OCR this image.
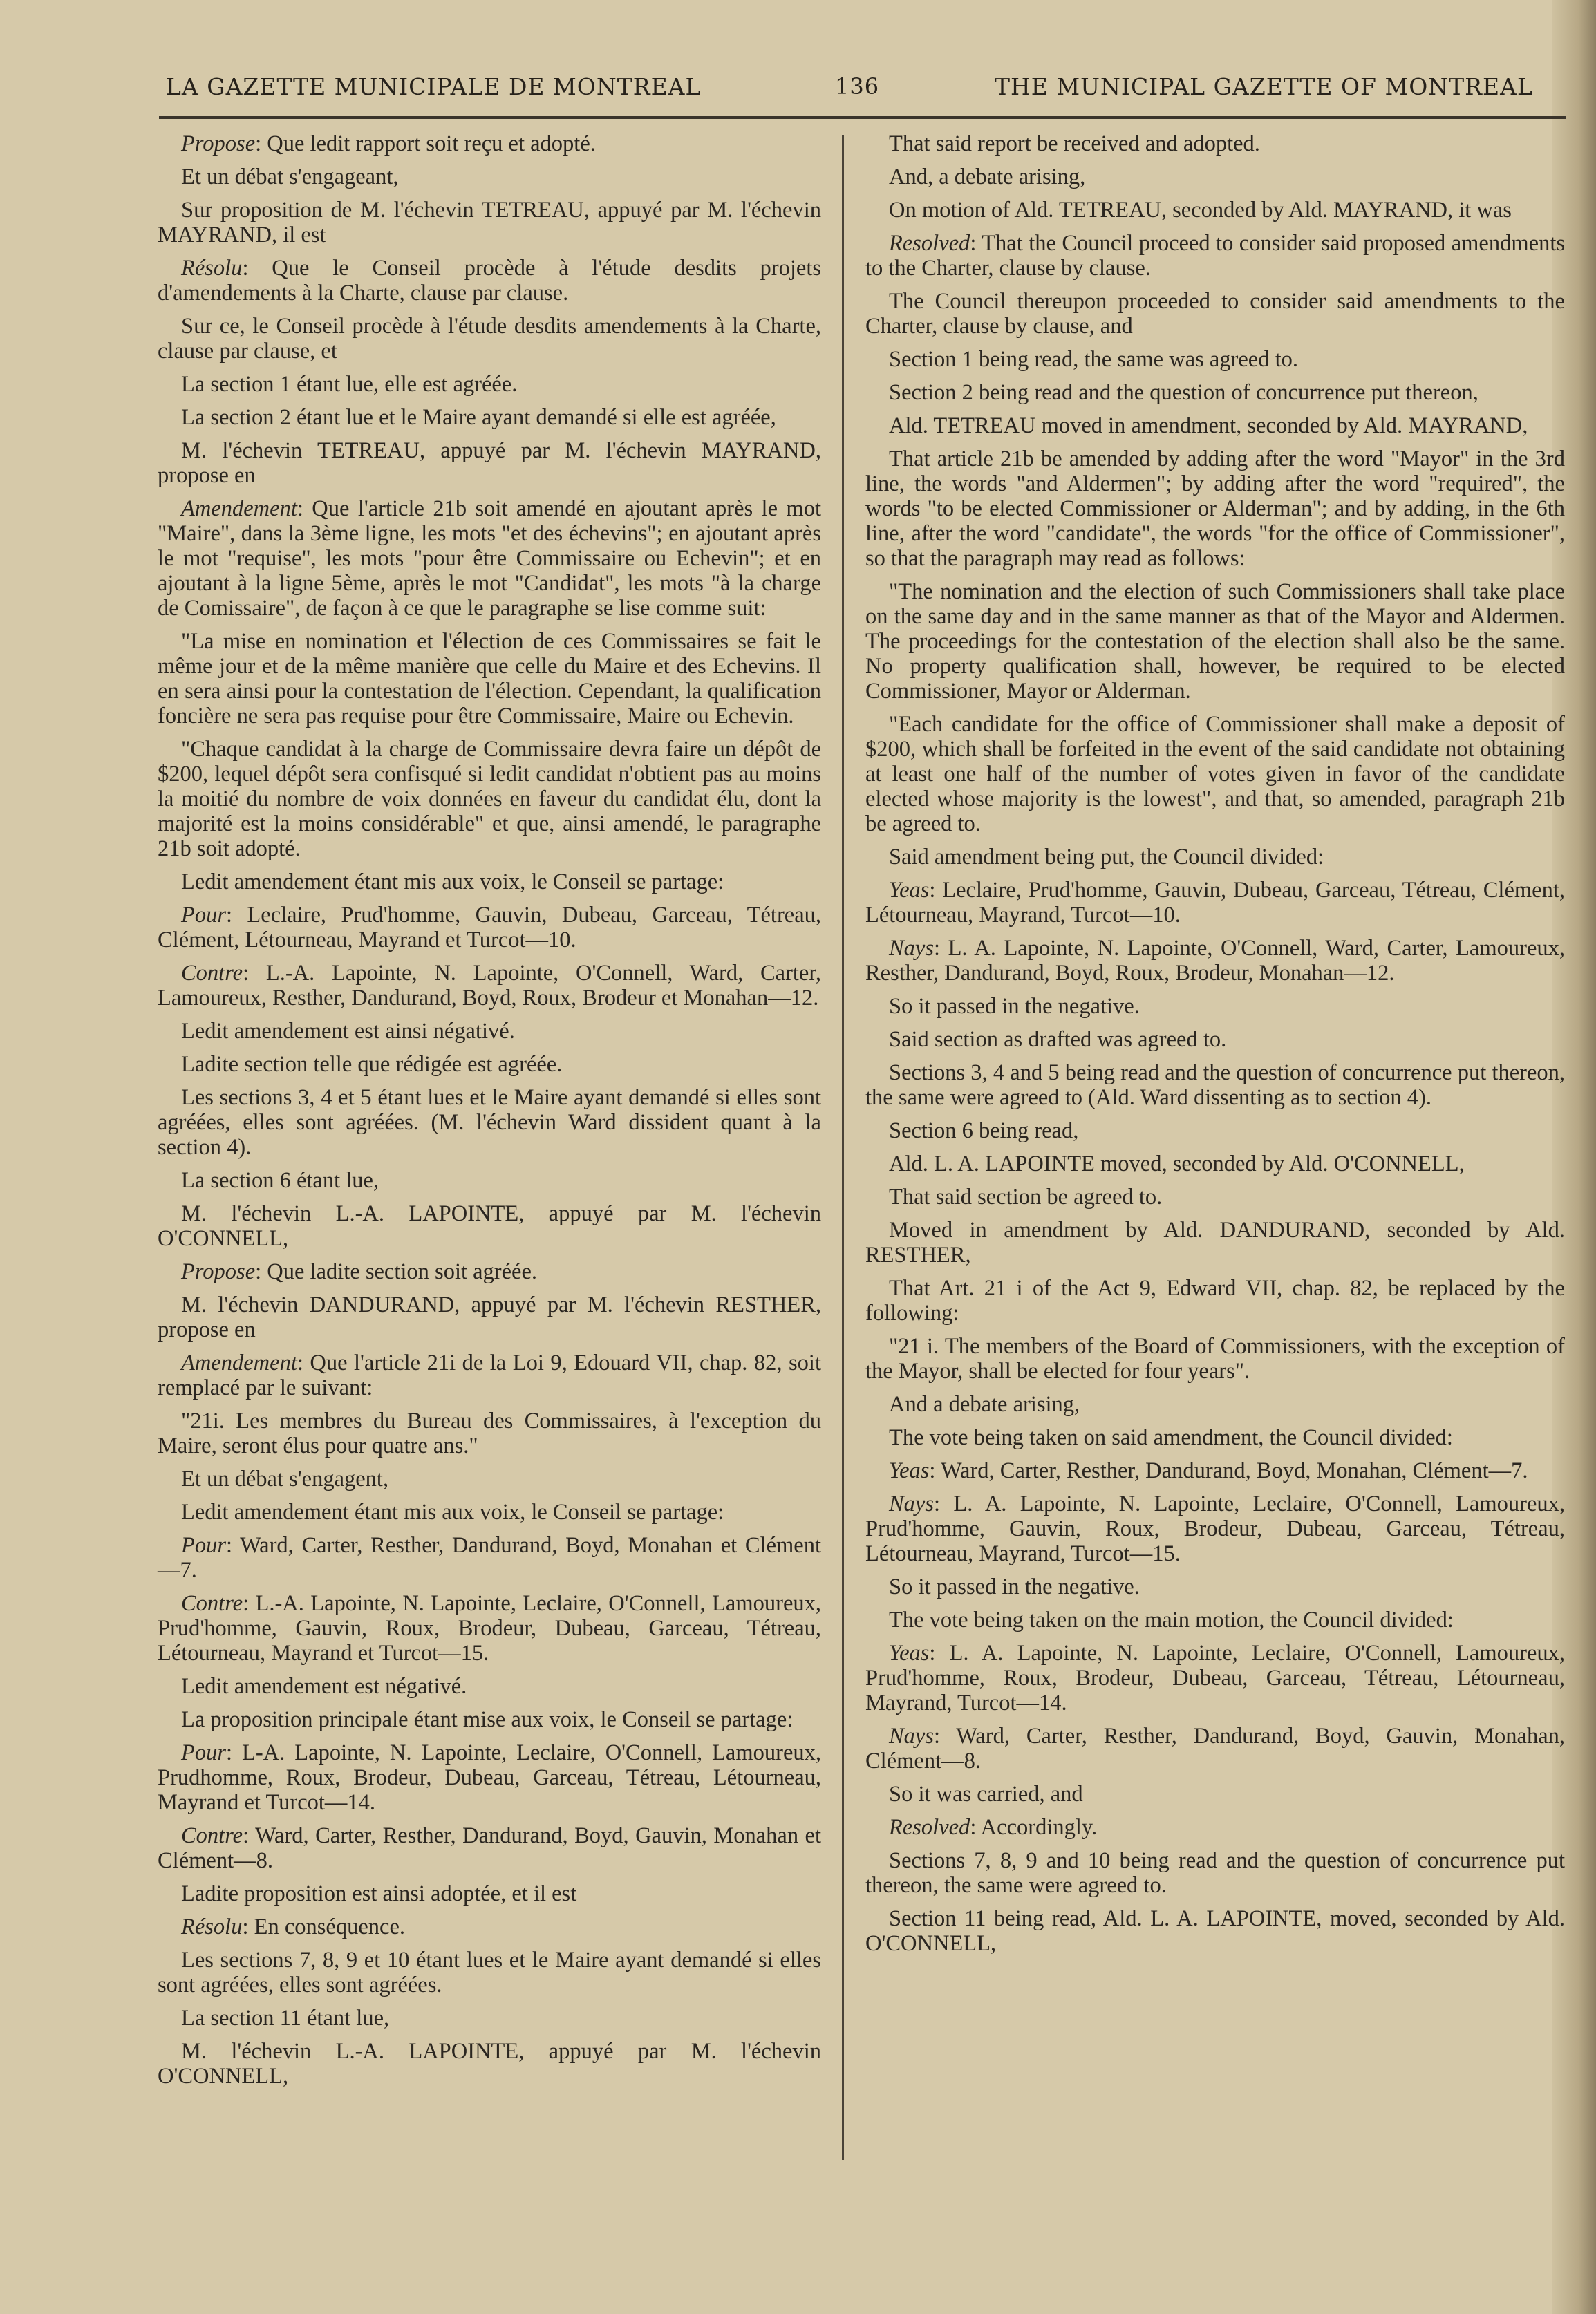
LA GAZETTE MUNICIPALE DE MONTREAL	136	THE MUNICIPAL GAZETTE OF MONTREAL

Propose: Que ledit rapport soit reçu et adopté.

Et un débat s'engageant,

Sur proposition de M. l'échevin TETREAU, appuyé par M. l'échevin MAYRAND, il est

Résolu: Que le Conseil procède à l'étude desdits projets d'amendements à la Charte, clause par clause.

Sur ce, le Conseil procède à l'étude desdits amendements à la Charte, clause par clause, et

La section 1 étant lue, elle est agréée.

La section 2 étant lue et le Maire ayant demandé si elle est agréée,

M. l'échevin TETREAU, appuyé par M. l'échevin MAYRAND, propose en

Amendement: Que l'article 21b soit amendé en ajoutant après le mot "Maire", dans la 3ème ligne, les mots "et des échevins"; en ajoutant après le mot "requise", les mots "pour être Commissaire ou Echevin"; et en ajoutant à la ligne 5ème, après le mot "Candidat", les mots "à la charge de Comissaire", de façon à ce que le paragraphe se lise comme suit:

"La mise en nomination et l'élection de ces Commissaires se fait le même jour et de la même manière que celle du Maire et des Echevins. Il en sera ainsi pour la contestation de l'élection. Cependant, la qualification foncière ne sera pas requise pour être Commissaire, Maire ou Echevin.

"Chaque candidat à la charge de Commissaire devra faire un dépôt de $200, lequel dépôt sera confisqué si ledit candidat n'obtient pas au moins la moitié du nombre de voix données en faveur du candidat élu, dont la majorité est la moins considérable" et que, ainsi amendé, le paragraphe 21b soit adopté.

Ledit amendement étant mis aux voix, le Conseil se partage:

Pour: Leclaire, Prud'homme, Gauvin, Dubeau, Garceau, Tétreau, Clément, Létourneau, Mayrand et Turcot—10.

Contre: L.-A. Lapointe, N. Lapointe, O'Connell, Ward, Carter, Lamoureux, Resther, Dandurand, Boyd, Roux, Brodeur et Monahan—12.

Ledit amendement est ainsi négativé.

Ladite section telle que rédigée est agréée.

Les sections 3, 4 et 5 étant lues et le Maire ayant demandé si elles sont agréées, elles sont agréées. (M. l'échevin Ward dissident quant à la section 4).

La section 6 étant lue,

M. l'échevin L.-A. LAPOINTE, appuyé par M. l'échevin O'CONNELL,

Propose: Que ladite section soit agréée.

M. l'échevin DANDURAND, appuyé par M. l'échevin RESTHER, propose en

Amendement: Que l'article 21i de la Loi 9, Edouard VII, chap. 82, soit remplacé par le suivant:

"21i. Les membres du Bureau des Commissaires, à l'exception du Maire, seront élus pour quatre ans."

Et un débat s'engagent,

Ledit amendement étant mis aux voix, le Conseil se partage:

Pour: Ward, Carter, Resther, Dandurand, Boyd, Monahan et Clément—7.

Contre: L.-A. Lapointe, N. Lapointe, Leclaire, O'Connell, Lamoureux, Prud'homme, Gauvin, Roux, Brodeur, Dubeau, Garceau, Tétreau, Létourneau, Mayrand et Turcot—15.

Ledit amendement est négativé.

La proposition principale étant mise aux voix, le Conseil se partage:

Pour: L-A. Lapointe, N. Lapointe, Leclaire, O'Connell, Lamoureux, Prudhomme, Roux, Brodeur, Dubeau, Garceau, Tétreau, Létourneau, Mayrand et Turcot—14.

Contre: Ward, Carter, Resther, Dandurand, Boyd, Gauvin, Monahan et Clément—8.

Ladite proposition est ainsi adoptée, et il est

Résolu: En conséquence.

Les sections 7, 8, 9 et 10 étant lues et le Maire ayant demandé si elles sont agréées, elles sont agréées.

La section 11 étant lue,

M. l'échevin L.-A. LAPOINTE, appuyé par M. l'échevin O'CONNELL,

That said report be received and adopted.

And, a debate arising,

On motion of Ald. TETREAU, seconded by Ald. MAYRAND, it was

Resolved: That the Council proceed to consider said proposed amendments to the Charter, clause by clause.

The Council thereupon proceeded to consider said amendments to the Charter, clause by clause, and

Section 1 being read, the same was agreed to.

Section 2 being read and the question of concurrence put thereon,

Ald. TETREAU moved in amendment, seconded by Ald. MAYRAND,

That article 21b be amended by adding after the word "Mayor" in the 3rd line, the words "and Aldermen"; by adding after the word "required", the words "to be elected Commissioner or Alderman"; and by adding, in the 6th line, after the word "candidate", the words "for the office of Commissioner", so that the paragraph may read as follows:

"The nomination and the election of such Commissioners shall take place on the same day and in the same manner as that of the Mayor and Aldermen. The proceedings for the contestation of the election shall also be the same. No property qualification shall, however, be required to be elected Commissioner, Mayor or Alderman.

"Each candidate for the office of Commissioner shall make a deposit of $200, which shall be forfeited in the event of the said candidate not obtaining at least one half of the number of votes given in favor of the candidate elected whose majority is the lowest", and that, so amended, paragraph 21b be agreed to.

Said amendment being put, the Council divided:

Yeas: Leclaire, Prud'homme, Gauvin, Dubeau, Garceau, Tétreau, Clément, Létourneau, Mayrand, Turcot—10.

Nays: L. A. Lapointe, N. Lapointe, O'Connell, Ward, Carter, Lamoureux, Resther, Dandurand, Boyd, Roux, Brodeur, Monahan—12.

So it passed in the negative.

Said section as drafted was agreed to.

Sections 3, 4 and 5 being read and the question of concurrence put thereon, the same were agreed to (Ald. Ward dissenting as to section 4).

Section 6 being read,

Ald. L. A. LAPOINTE moved, seconded by Ald. O'CONNELL,

That said section be agreed to.

Moved in amendment by Ald. DANDURAND, seconded by Ald. RESTHER,

That Art. 21 i of the Act 9, Edward VII, chap. 82, be replaced by the following:

"21 i. The members of the Board of Commissioners, with the exception of the Mayor, shall be elected for four years".

And a debate arising,

The vote being taken on said amendment, the Council divided:

Yeas: Ward, Carter, Resther, Dandurand, Boyd, Monahan, Clément—7.

Nays: L. A. Lapointe, N. Lapointe, Leclaire, O'Connell, Lamoureux, Prud'homme, Gauvin, Roux, Brodeur, Dubeau, Garceau, Tétreau, Létourneau, Mayrand, Turcot—15.

So it passed in the negative.

The vote being taken on the main motion, the Council divided:

Yeas: L. A. Lapointe, N. Lapointe, Leclaire, O'Connell, Lamoureux, Prud'homme, Roux, Brodeur, Dubeau, Garceau, Tétreau, Létourneau, Mayrand, Turcot—14.

Nays: Ward, Carter, Resther, Dandurand, Boyd, Gauvin, Monahan, Clément—8.

So it was carried, and

Resolved: Accordingly.

Sections 7, 8, 9 and 10 being read and the question of concurrence put thereon, the same were agreed to.

Section 11 being read, Ald. L. A. LAPOINTE, moved, seconded by Ald. O'CONNELL,
